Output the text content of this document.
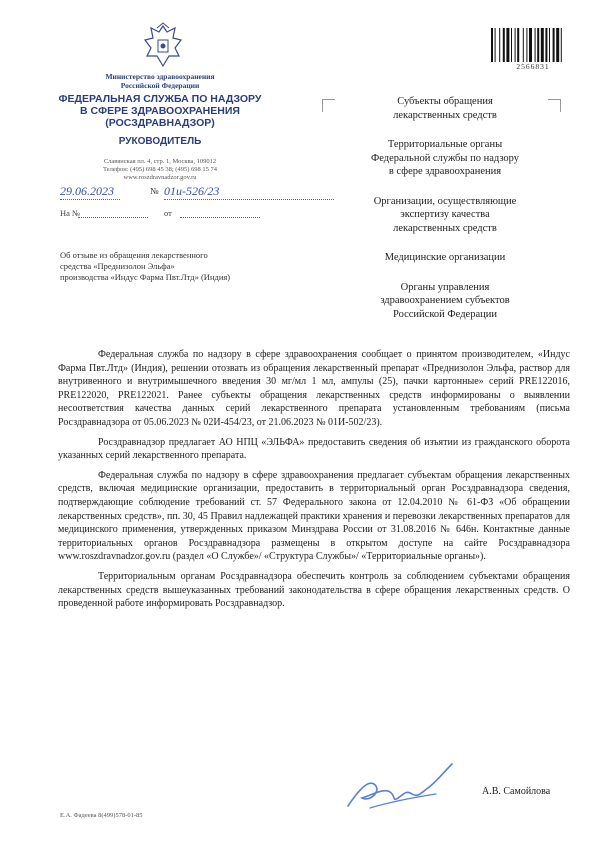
Министерство здравоохранения
Российской Федерации
ФЕДЕРАЛЬНАЯ СЛУЖБА ПО НАДЗОРУ
В СФЕРЕ ЗДРАВООХРАНЕНИЯ
(РОСЗДРАВНАДЗОР)
РУКОВОДИТЕЛЬ
Славянская пл. 4, стр. 1, Москва, 109012
Телефон: (495) 698 45 38; (495) 698 15 74
www.roszdravnadzor.gov.ru
29.06.2023	№ 01и-526/23
На №	от
Об отзыве из обращения лекарственного
средства «Преднизолон Эльфа»
производства «Индус Фарма Пвт.Лтд» (Индия)
2566831
Субъекты обращения
лекарственных средств
Территориальные органы
Федеральной службы по надзору
в сфере здравоохранения
Организации, осуществляющие
экспертизу качества
лекарственных средств
Медицинские организации
Органы управления
здравоохранением субъектов
Российской Федерации

Федеральная служба по надзору в сфере здравоохранения сообщает о принятом производителем, «Индус Фарма Пвт.Лтд» (Индия), решении отозвать из обращения лекарственный препарат «Преднизолон Эльфа, раствор для внутривенного и внутримышечного введения 30 мг/мл 1 мл, ампулы (25), пачки картонные» серий PRE122016, PRE122020, PRE122021. Ранее субъекты обращения лекарственных средств информированы о выявлении несоответствия качества данных серий лекарственного препарата установленным требованиям (письма Росздравнадзора от 05.06.2023 № 02И-454/23, от 21.06.2023 № 01И-502/23).

Росздравнадзор предлагает АО НПЦ «ЭЛЬФА» предоставить сведения об изъятии из гражданского оборота указанных серий лекарственного препарата.

Федеральная служба по надзору в сфере здравоохранения предлагает субъектам обращения лекарственных средств, включая медицинские организации, предоставить в территориальный орган Росздравнадзора сведения, подтверждающие соблюдение требований ст. 57 Федерального закона от 12.04.2010 № 61-ФЗ «Об обращении лекарственных средств», пп. 30, 45 Правил надлежащей практики хранения и перевозки лекарственных препаратов для медицинского применения, утвержденных приказом Минздрава России от 31.08.2016 № 646н. Контактные данные территориальных органов Росздравнадзора размещены в открытом доступе на сайте Росздравнадзора www.roszdravnadzor.gov.ru (раздел «О Службе»/ «Структура Службы»/ «Территориальные органы»).

Территориальным органам Росздравнадзора обеспечить контроль за соблюдением субъектами обращения лекарственных средств вышеуказанных требований законодательства в сфере обращения лекарственных средств. О проведенной работе информировать Росздравнадзор.

А.В. Самойлова
Е.А. Фадеева 8(499)578-01-85
